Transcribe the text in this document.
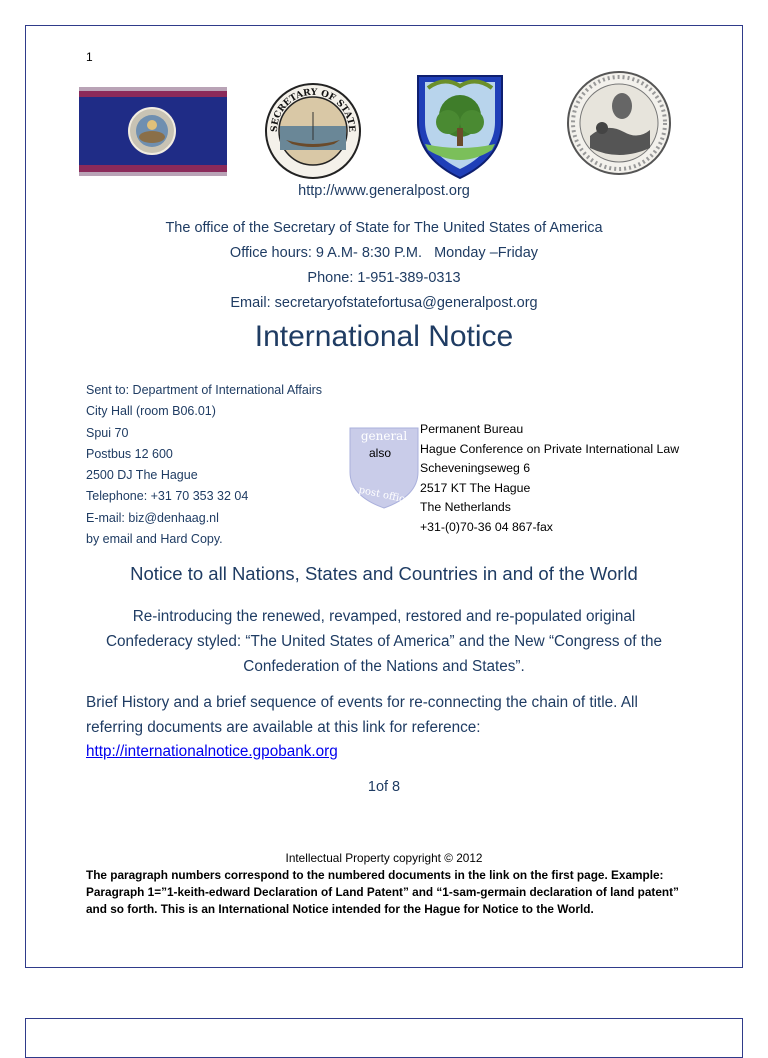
1
SECRETARY OF STATE
http://www.generalpost.org
The office of the Secretary of State for The United States of America
Office hours: 9 A.M- 8:30 P.M.   Monday –Friday
Phone: 1-951-389-0313
Email: secretaryofstatefortusa@generalpost.org
International Notice
Sent to: Department of International Affairs
City Hall (room B06.01)
Spui 70
Postbus 12 600
2500 DJ The Hague
Telephone: +31 70 353 32 04
E-mail: biz@denhaag.nl
by email and Hard Copy.
general
also
post office
Permanent Bureau
Hague Conference on Private International Law
Scheveningseweg 6
2517 KT The Hague
The Netherlands
+31-(0)70-36 04 867-fax
Notice to all Nations, States and Countries in and of the World
Re-introducing the renewed, revamped, restored and re-populated original
Confederacy styled: “The United States of America” and the New “Congress of the
Confederation of the Nations and States”.
Brief History and a brief sequence of events for re-connecting the chain of title. All referring documents are available at this link for reference:
http://internationalnotice.gpobank.org
1of 8
Intellectual Property copyright © 2012
The paragraph numbers correspond to the numbered documents in the link on the first page. Example: Paragraph 1=”1-keith-edward Declaration of Land Patent” and “1-sam-germain declaration of land patent” and so forth. This is an International Notice intended for the Hague for Notice to the World.
